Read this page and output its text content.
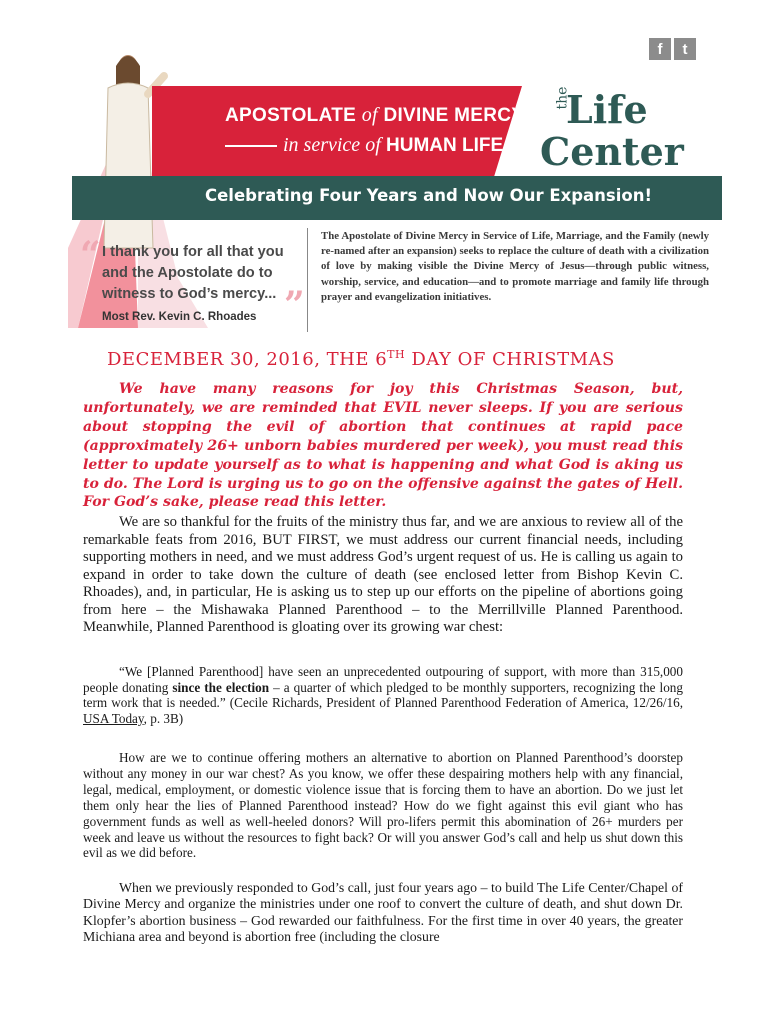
f	t
APOSTOLATE of DIVINE MERCY
in service of HUMAN LIFE
the
Life
Center
Celebrating Four Years and Now Our Expansion!
“
”
I thank you for all that you and the Apostolate do to witness to God’s mercy...
Most Rev. Kevin C. Rhoades
The Apostolate of Divine Mercy in Service of Life, Marriage, and the Family (newly re-named after an expansion) seeks to replace the culture of death with a civilization of love by making visible the Divine Mercy of Jesus—through public witness, worship, service, and education—and to promote marriage and family life through prayer and evangelization initiatives.
DECEMBER 30, 2016, THE 6TH DAY OF CHRISTMAS
We have many reasons for joy this Christmas Season, but, unfortunately, we are reminded that EVIL never sleeps. If you are serious about stopping the evil of abortion that continues at rapid pace (approximately 26+ unborn babies murdered per week), you must read this letter to update yourself as to what is happening and what God is aking us to do. The Lord is urging us to go on the offensive against the gates of Hell. For God’s sake, please read this letter.
We are so thankful for the fruits of the ministry thus far, and we are anxious to review all of the remarkable feats from 2016, BUT FIRST, we must address our current financial needs, including supporting mothers in need, and we must address God’s urgent request of us. He is calling us again to expand in order to take down the culture of death (see enclosed letter from Bishop Kevin C. Rhoades), and, in particular, He is asking us to step up our efforts on the pipeline of abortions going from here – the Mishawaka Planned Parenthood – to the Merrillville Planned Parenthood. Meanwhile, Planned Parenthood is gloating over its growing war chest:
“We [Planned Parenthood] have seen an unprecedented outpouring of support, with more than 315,000 people donating since the election – a quarter of which pledged to be monthly supporters, recognizing the long term work that is needed.” (Cecile Richards, President of Planned Parenthood Federation of America, 12/26/16, USA Today, p. 3B)
How are we to continue offering mothers an alternative to abortion on Planned Parenthood’s doorstep without any money in our war chest? As you know, we offer these despairing mothers help with any financial, legal, medical, employment, or domestic violence issue that is forcing them to have an abortion. Do we just let them only hear the lies of Planned Parenthood instead? How do we fight against this evil giant who has government funds as well as well-heeled donors? Will pro-lifers permit this abomination of 26+ murders per week and leave us without the resources to fight back? Or will you answer God’s call and help us shut down this evil as we did before.
When we previously responded to God’s call, just four years ago – to build The Life Center/Chapel of Divine Mercy and organize the ministries under one roof to convert the culture of death, and shut down Dr. Klopfer’s abortion business – God rewarded our faithfulness. For the first time in over 40 years, the greater Michiana area and beyond is abortion free (including the closure
